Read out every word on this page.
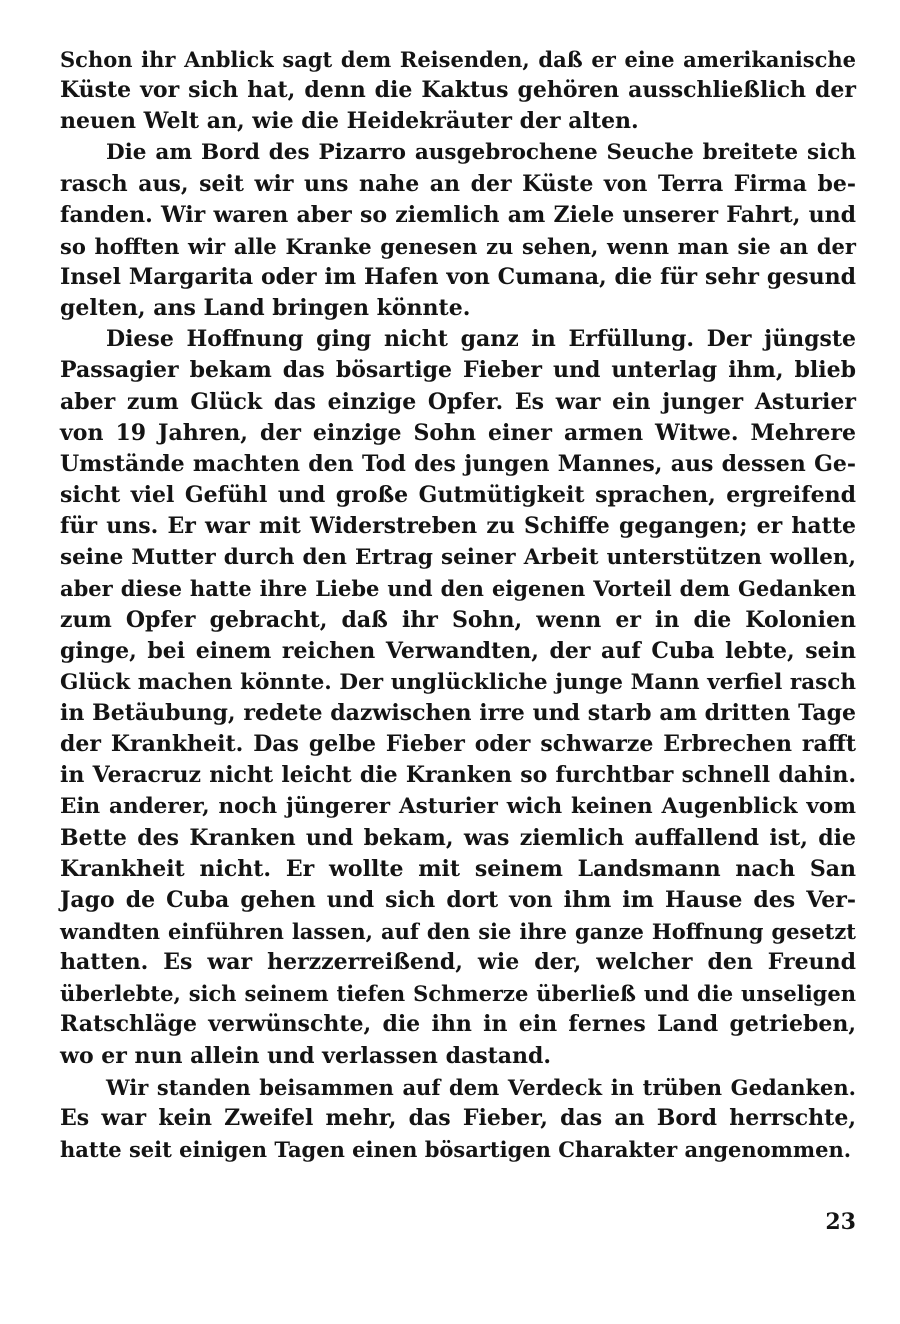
Schon ihr Anblick sagt dem Reisenden, daß er eine amerikanische
Küste vor sich hat, denn die Kaktus gehören ausschließlich der
neuen Welt an, wie die Heidekräuter der alten.

Die am Bord des Pizarro ausgebrochene Seuche breitete sich
rasch aus, seit wir uns nahe an der Küste von Terra Firma be-
fanden. Wir waren aber so ziemlich am Ziele unserer Fahrt, und
so hofften wir alle Kranke genesen zu sehen, wenn man sie an der
Insel Margarita oder im Hafen von Cumana, die für sehr gesund
gelten, ans Land bringen könnte.

Diese Hoffnung ging nicht ganz in Erfüllung. Der jüngste
Passagier bekam das bösartige Fieber und unterlag ihm, blieb
aber zum Glück das einzige Opfer. Es war ein junger Asturier
von 19 Jahren, der einzige Sohn einer armen Witwe. Mehrere
Umstände machten den Tod des jungen Mannes, aus dessen Ge-
sicht viel Gefühl und große Gutmütigkeit sprachen, ergreifend
für uns. Er war mit Widerstreben zu Schiffe gegangen; er hatte
seine Mutter durch den Ertrag seiner Arbeit unterstützen wollen,
aber diese hatte ihre Liebe und den eigenen Vorteil dem Gedanken
zum Opfer gebracht, daß ihr Sohn, wenn er in die Kolonien
ginge, bei einem reichen Verwandten, der auf Cuba lebte, sein
Glück machen könnte. Der unglückliche junge Mann verfiel rasch
in Betäubung, redete dazwischen irre und starb am dritten Tage
der Krankheit. Das gelbe Fieber oder schwarze Erbrechen rafft
in Veracruz nicht leicht die Kranken so furchtbar schnell dahin.
Ein anderer, noch jüngerer Asturier wich keinen Augenblick vom
Bette des Kranken und bekam, was ziemlich auffallend ist, die
Krankheit nicht. Er wollte mit seinem Landsmann nach San
Jago de Cuba gehen und sich dort von ihm im Hause des Ver-
wandten einführen lassen, auf den sie ihre ganze Hoffnung gesetzt
hatten. Es war herzzerreißend, wie der, welcher den Freund
überlebte, sich seinem tiefen Schmerze überließ und die unseligen
Ratschläge verwünschte, die ihn in ein fernes Land getrieben,
wo er nun allein und verlassen dastand.

Wir standen beisammen auf dem Verdeck in trüben Gedanken.
Es war kein Zweifel mehr, das Fieber, das an Bord herrschte,
hatte seit einigen Tagen einen bösartigen Charakter angenommen.

23
